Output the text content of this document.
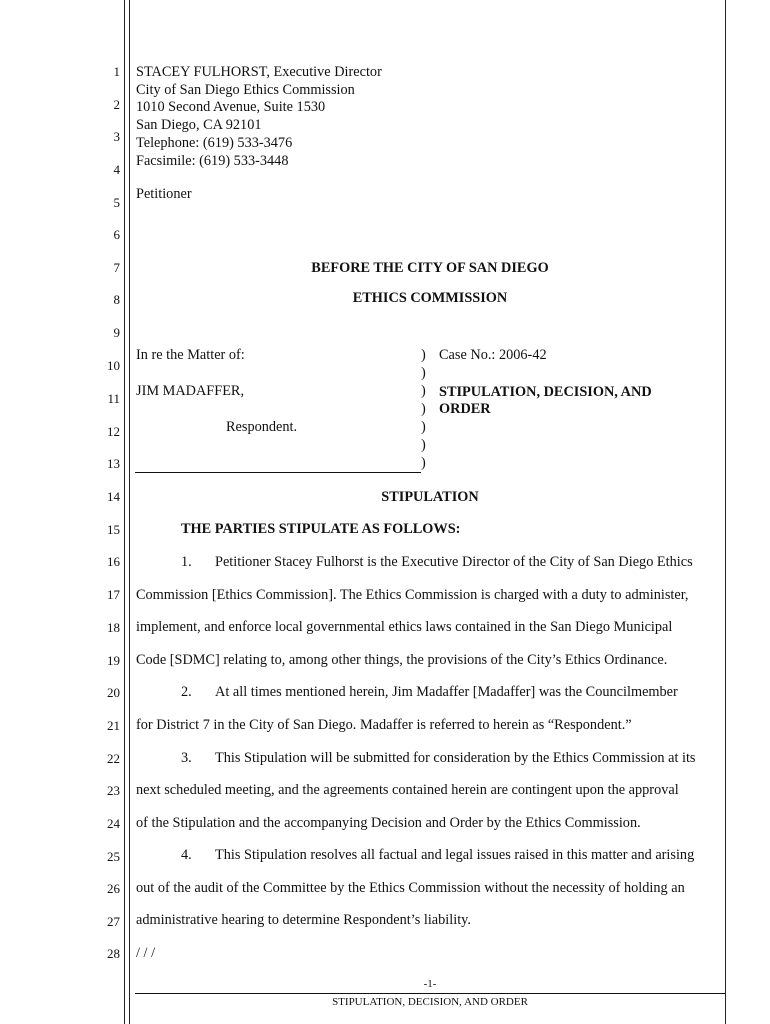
1
2
3
4
5
6
7
8
9
10
11
12
13
14
15
16
17
18
19
20
21
22
23
24
25
26
27
28
STACEY FULHORST, Executive Director
City of San Diego Ethics Commission
1010 Second Avenue, Suite 1530
San Diego, CA 92101
Telephone: (619) 533-3476
Facsimile: (619) 533-3448
Petitioner
BEFORE THE CITY OF SAN DIEGO
ETHICS COMMISSION
In re the Matter of:
JIM MADAFFER,
Respondent.
)
)
)
)
)
)
)
Case No.: 2006-42
STIPULATION, DECISION, AND
ORDER
STIPULATION
THE PARTIES STIPULATE AS FOLLOWS:
1. Petitioner Stacey Fulhorst is the Executive Director of the City of San Diego Ethics
Commission [Ethics Commission]. The Ethics Commission is charged with a duty to administer,
implement, and enforce local governmental ethics laws contained in the San Diego Municipal
Code [SDMC] relating to, among other things, the provisions of the City’s Ethics Ordinance.
2. At all times mentioned herein, Jim Madaffer [Madaffer] was the Councilmember
for District 7 in the City of San Diego. Madaffer is referred to herein as “Respondent.”
3. This Stipulation will be submitted for consideration by the Ethics Commission at its
next scheduled meeting, and the agreements contained herein are contingent upon the approval
of the Stipulation and the accompanying Decision and Order by the Ethics Commission.
4. This Stipulation resolves all factual and legal issues raised in this matter and arising
out of the audit of the Committee by the Ethics Commission without the necessity of holding an
administrative hearing to determine Respondent’s liability.
/ / /
-1-
STIPULATION, DECISION, AND ORDER
